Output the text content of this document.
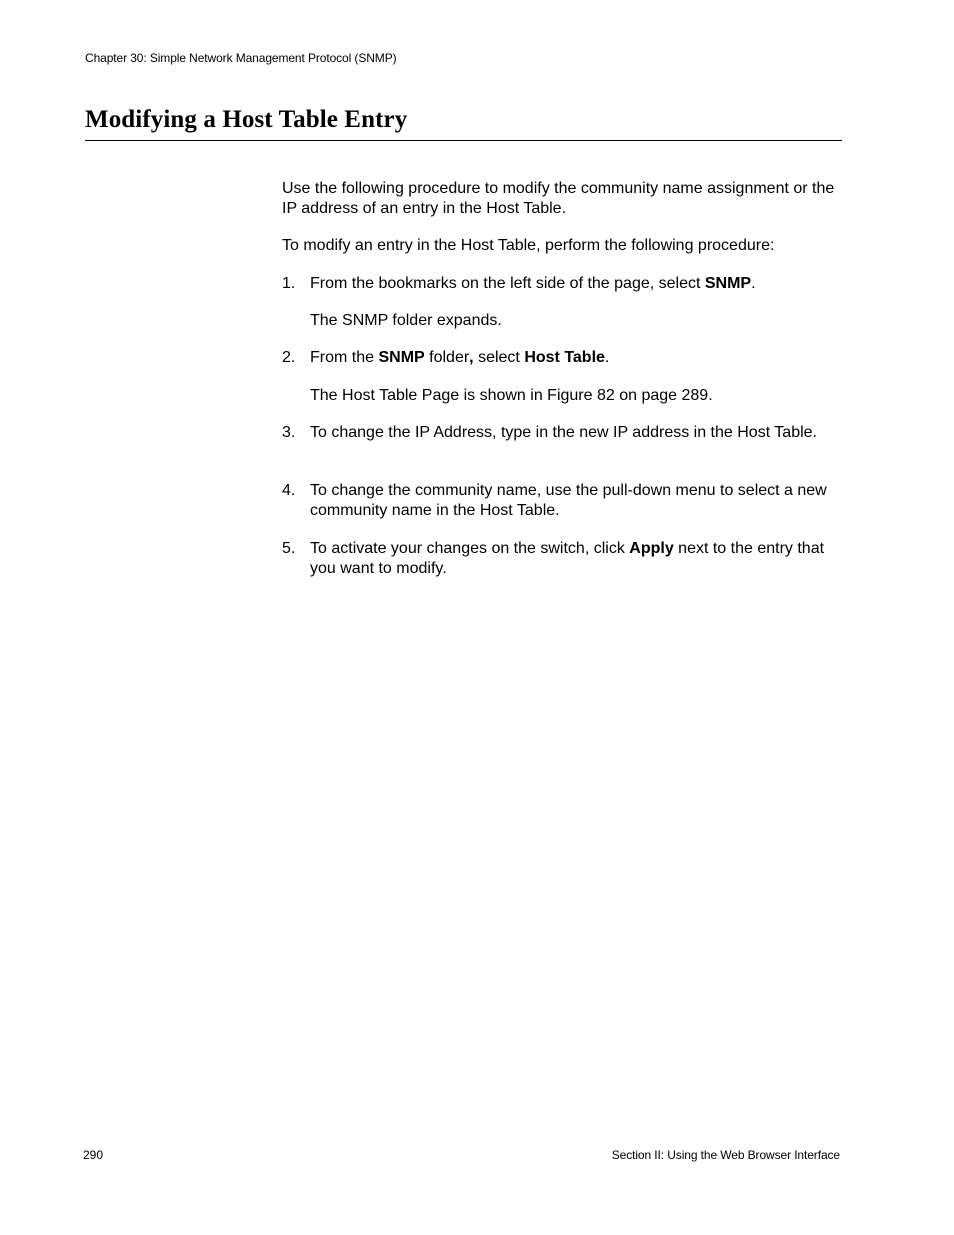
Chapter 30: Simple Network Management Protocol (SNMP)
Modifying a Host Table Entry

Use the following procedure to modify the community name assignment or the IP address of an entry in the Host Table.

To modify an entry in the Host Table, perform the following procedure:

1. From the bookmarks on the left side of the page, select SNMP.
The SNMP folder expands.
2. From the SNMP folder, select Host Table.
The Host Table Page is shown in Figure 82 on page 289.
3. To change the IP Address, type in the new IP address in the Host Table.
4. To change the community name, use the pull-down menu to select a new community name in the Host Table.
5. To activate your changes on the switch, click Apply next to the entry that you want to modify.
290	Section II: Using the Web Browser Interface
